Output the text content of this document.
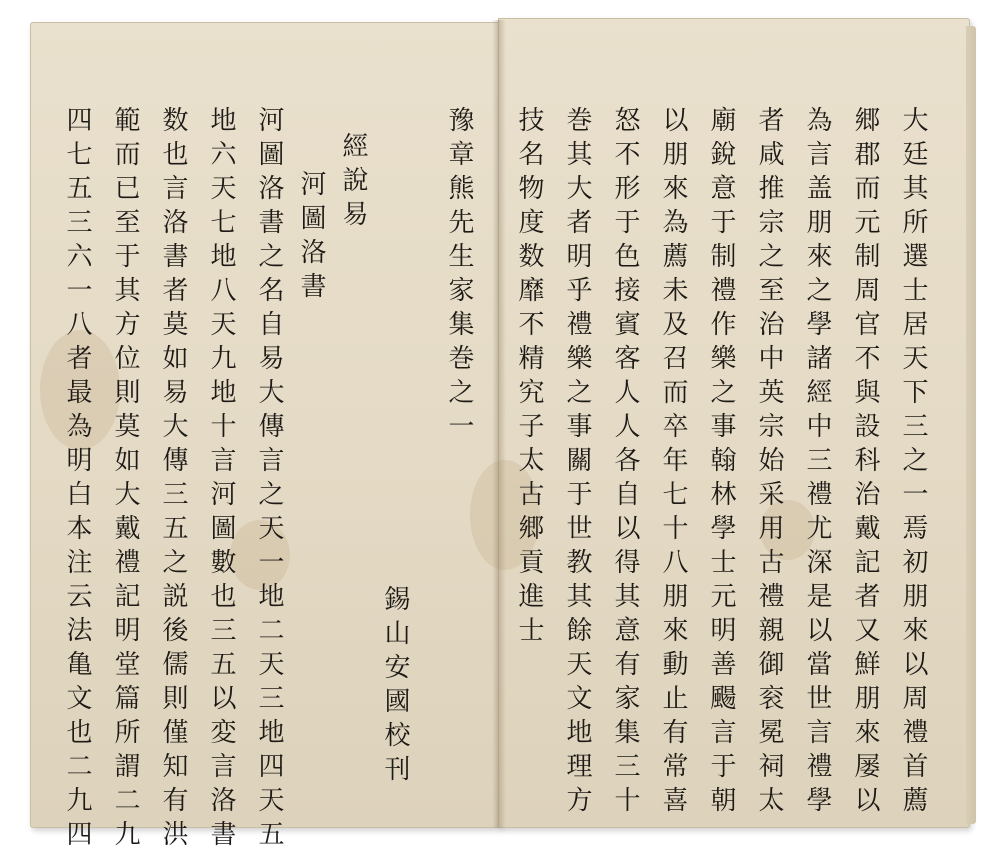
豫章熊先生家集巻之一
經說易
河圖洛書
錫山安國校刊
河圖洛書之名自易大傳言之天一地二天三地四天五
地六天七地八天九地十言河圖數也三五以変言洛書
数也言洛書者莫如易大傳三五之説後儒則僅知有洪
範而已至于其方位則莫如大戴禮記明堂篇所謂二九
四七五三六一八者最為明白本注云法亀文也二九四	大廷其所選士居天下三之一焉初朋來以周禮首薦
郷郡而元制周官不與設科治戴記者又鮮朋來屡以
為言盖朋來之學諸經中三禮尤深是以當世言禮學
者咸推宗之至治中英宗始采用古禮親御衮冕祠太
廟銳意于制禮作樂之事翰林學士元明善颺言于朝
以朋來為薦未及召而卒年七十八朋來動止有常喜
怒不形于色接賓客人人各自以得其意有家集三十
巻其大者明乎禮樂之事關于世教其餘天文地理方
技名物度数靡不精究子太古郷貢進士
